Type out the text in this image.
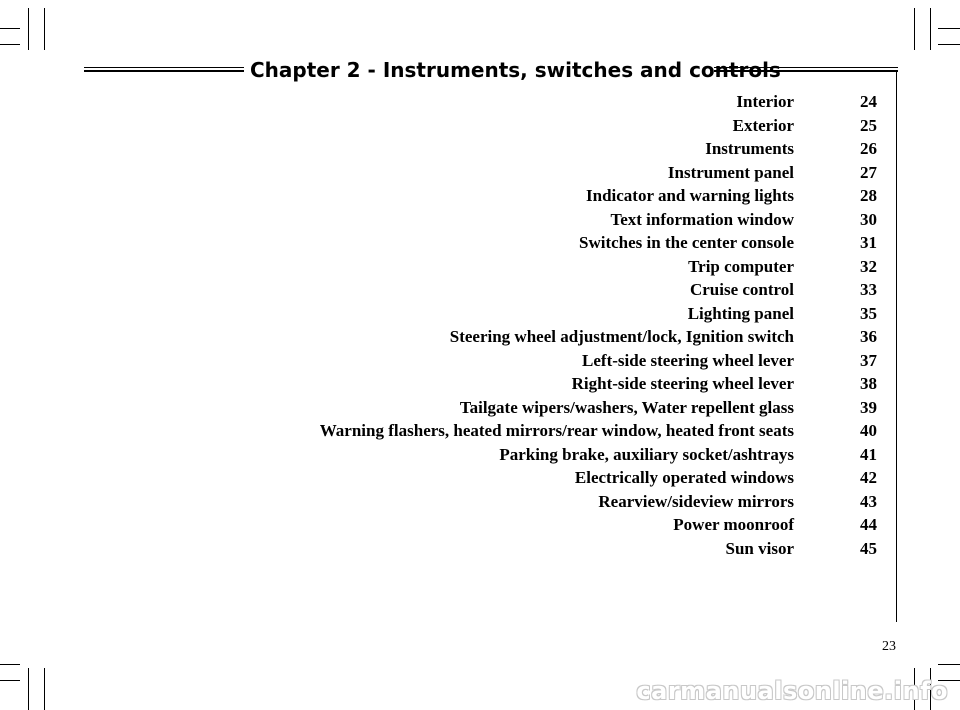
Chapter 2 - Instruments, switches and controls
Interior	24
Exterior	25
Instruments	26
Instrument panel	27
Indicator and warning lights	28
Text information window	30
Switches in the center console	31
Trip computer	32
Cruise control	33
Lighting panel	35
Steering wheel adjustment/lock, Ignition switch	36
Left-side steering wheel lever	37
Right-side steering wheel lever	38
Tailgate wipers/washers, Water repellent glass	39
Warning flashers, heated mirrors/rear window, heated front seats	40
Parking brake, auxiliary socket/ashtrays	41
Electrically operated windows	42
Rearview/sideview mirrors	43
Power moonroof	44
Sun visor	45
23
carmanualsonline.info
